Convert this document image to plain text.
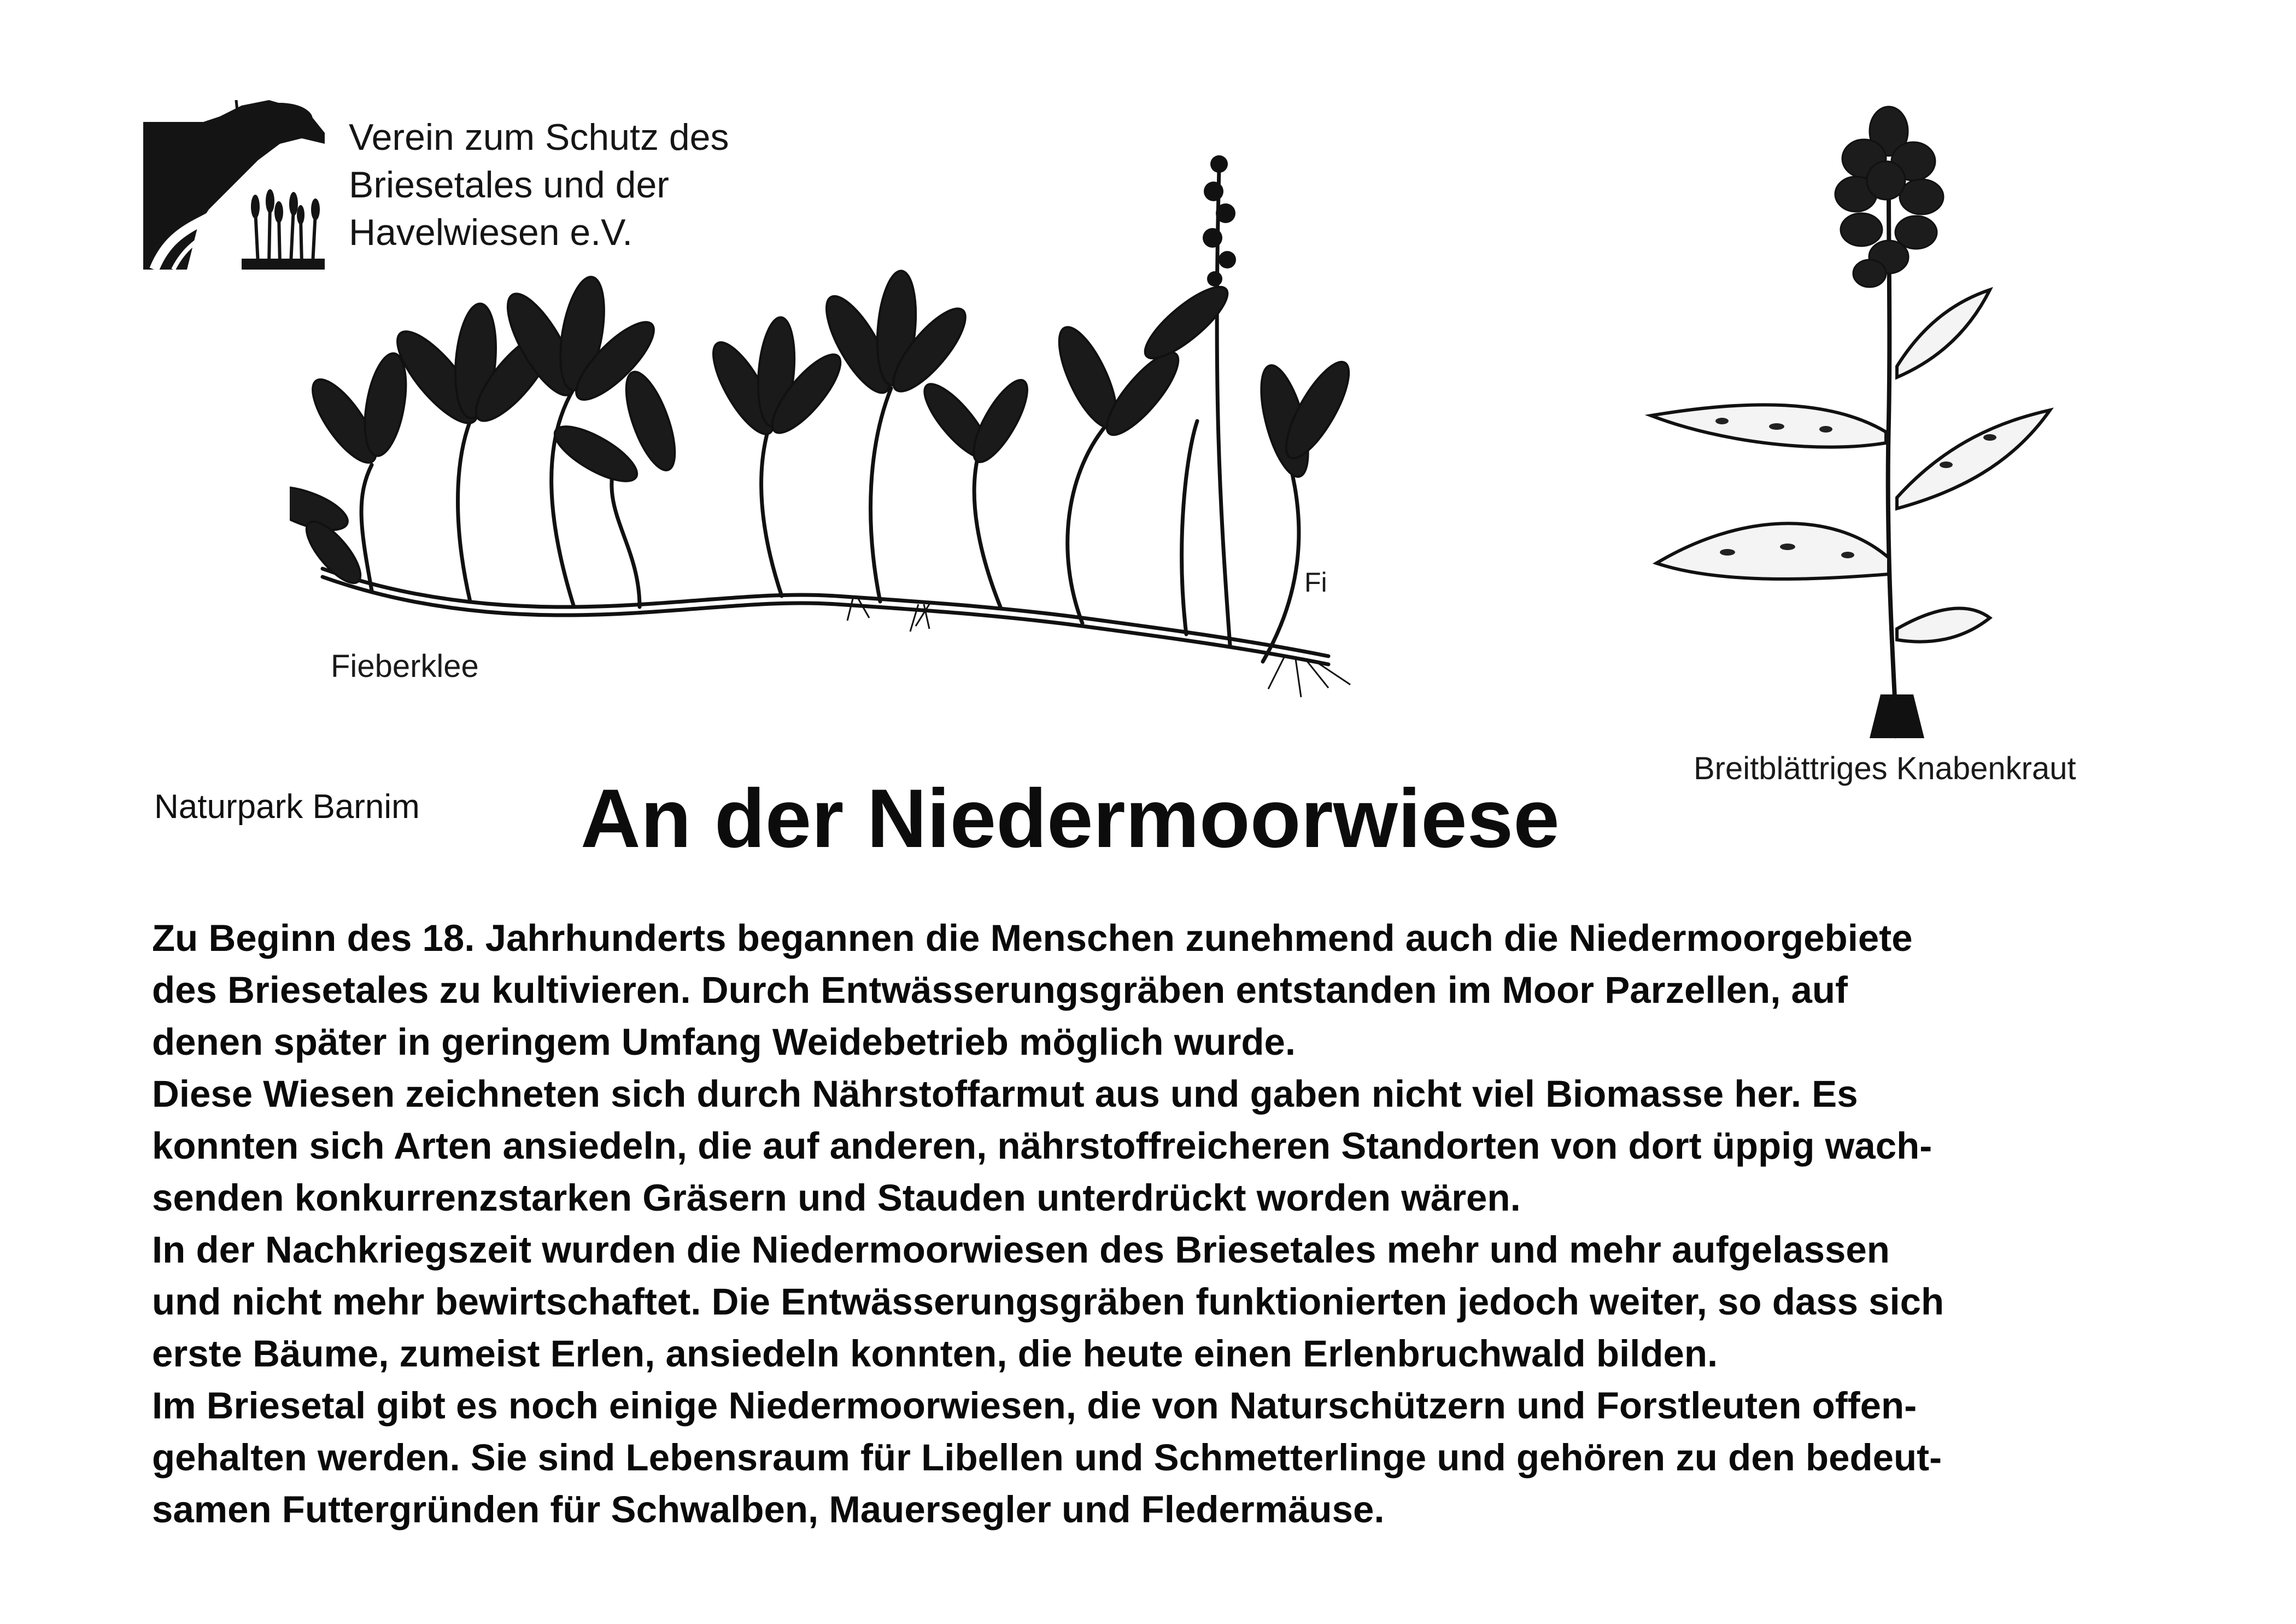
Verein zum Schutz des
Briesetales und der
Havelwiesen e.V.
Fieberklee
Fi
Breitblättriges Knabenkraut
Naturpark Barnim An der Niedermoorwiese

Zu Beginn des 18. Jahrhunderts begannen die Menschen zunehmend auch die Niedermoorgebiete

des Briesetales zu kultivieren. Durch Entwässerungsgräben entstanden im Moor Parzellen, auf

denen später in geringem Umfang Weidebetrieb möglich wurde.

Diese Wiesen zeichneten sich durch Nährstoffarmut aus und gaben nicht viel Biomasse her. Es

konnten sich Arten ansiedeln, die auf anderen, nährstoffreicheren Standorten von dort üppig wach-

senden konkurrenzstarken Gräsern und Stauden unterdrückt worden wären.

In der Nachkriegszeit wurden die Niedermoorwiesen des Briesetales mehr und mehr aufgelassen

und nicht mehr bewirtschaftet. Die Entwässerungsgräben funktionierten jedoch weiter, so dass sich

erste Bäume, zumeist Erlen, ansiedeln konnten, die heute einen Erlenbruchwald bilden.

Im Briesetal gibt es noch einige Niedermoorwiesen, die von Naturschützern und Forstleuten offen-

gehalten werden. Sie sind Lebensraum für Libellen und Schmetterlinge und gehören zu den bedeut-

samen Futtergründen für Schwalben, Mauersegler und Fledermäuse.
